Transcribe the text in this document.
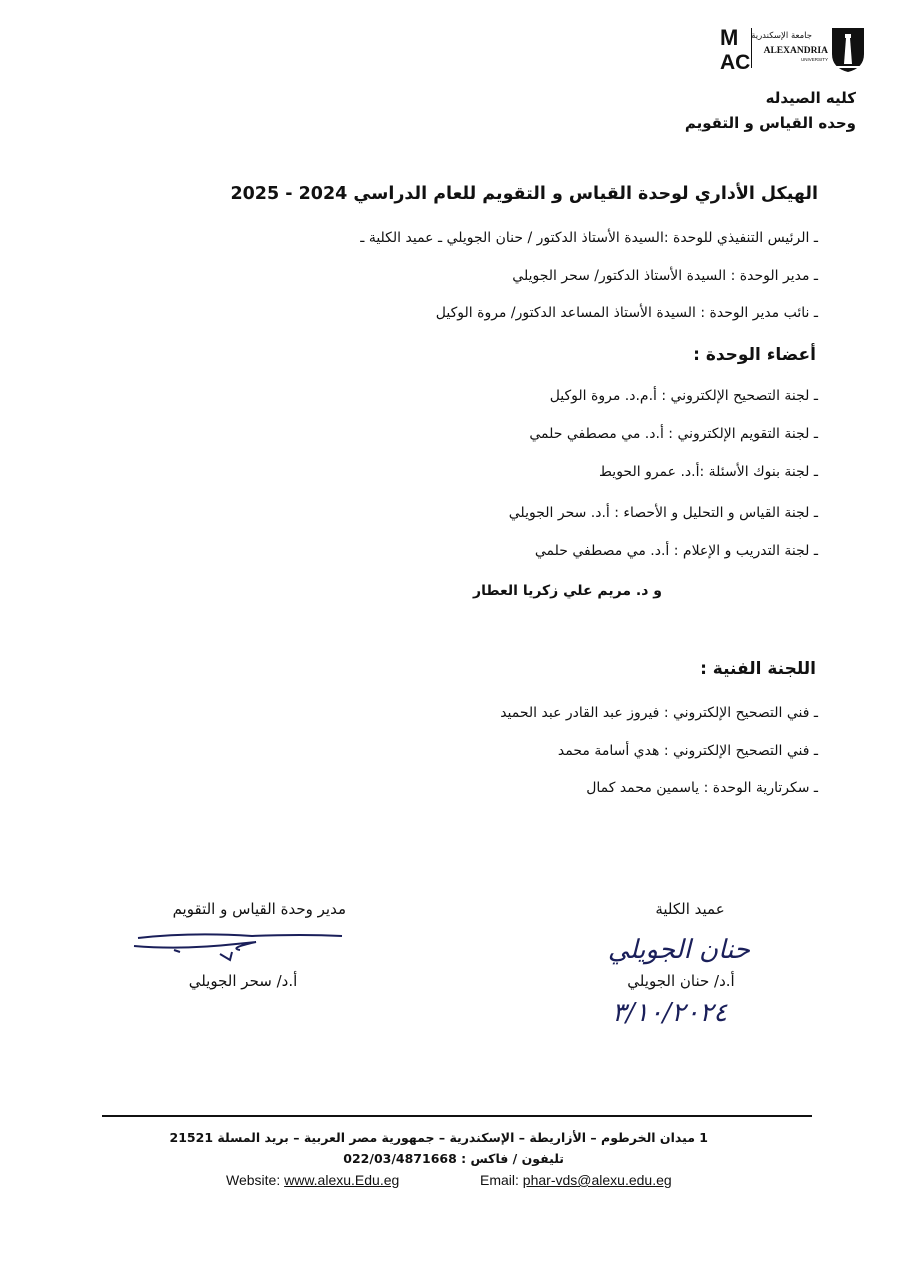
M
AC
جامعة الإسكندرية
ALEXANDRIA
UNIVERSITY
كليه الصيدله
وحده القياس و التقويم
الهيكل الأداري لوحدة القياس و التقويم للعام الدراسي 2024 - 2025
ـ الرئيس التنفيذي للوحدة :السيدة الأستاذ الدكتور / حنان الجويلي ـ عميد الكلية ـ
ـ مدير الوحدة : السيدة الأستاذ الدكتور/ سحر الجويلي
ـ نائب مدير الوحدة : السيدة الأستاذ المساعد الدكتور/ مروة الوكيل
أعضاء الوحدة :
ـ لجنة التصحيح الإلكتروني : أ.م.د. مروة الوكيل
ـ لجنة التقويم الإلكتروني : أ.د. مي مصطفي حلمي
ـ لجنة بنوك الأسئلة :أ.د. عمرو الحويط
ـ لجنة القياس و التحليل و الأحصاء : أ.د. سحر الجويلي
ـ لجنة التدريب و الإعلام : أ.د. مي مصطفي حلمي
و د. مريم علي زكريا العطار
اللجنة الفنية :
ـ فني التصحيح الإلكتروني : فيروز عبد القادر عبد الحميد
ـ فني التصحيح الإلكتروني : هدي أسامة محمد
ـ سكرتارية الوحدة : ياسمين محمد كمال
مدير وحدة القياس و التقويم
أ.د/ سحر الجويلي
عميد الكلية
حنان الجويلي
أ.د/ حنان الجويلي
٣/١٠/٢٠٢٤
1 ميدان الخرطوم – الأزاريطة – الإسكندرية – جمهورية مصر العربية – بريد المسلة 21521
تليفون / فاكس : 022/03/4871668
Website: www.alexu.Edu.eg	Email: phar-vds@alexu.edu.eg
